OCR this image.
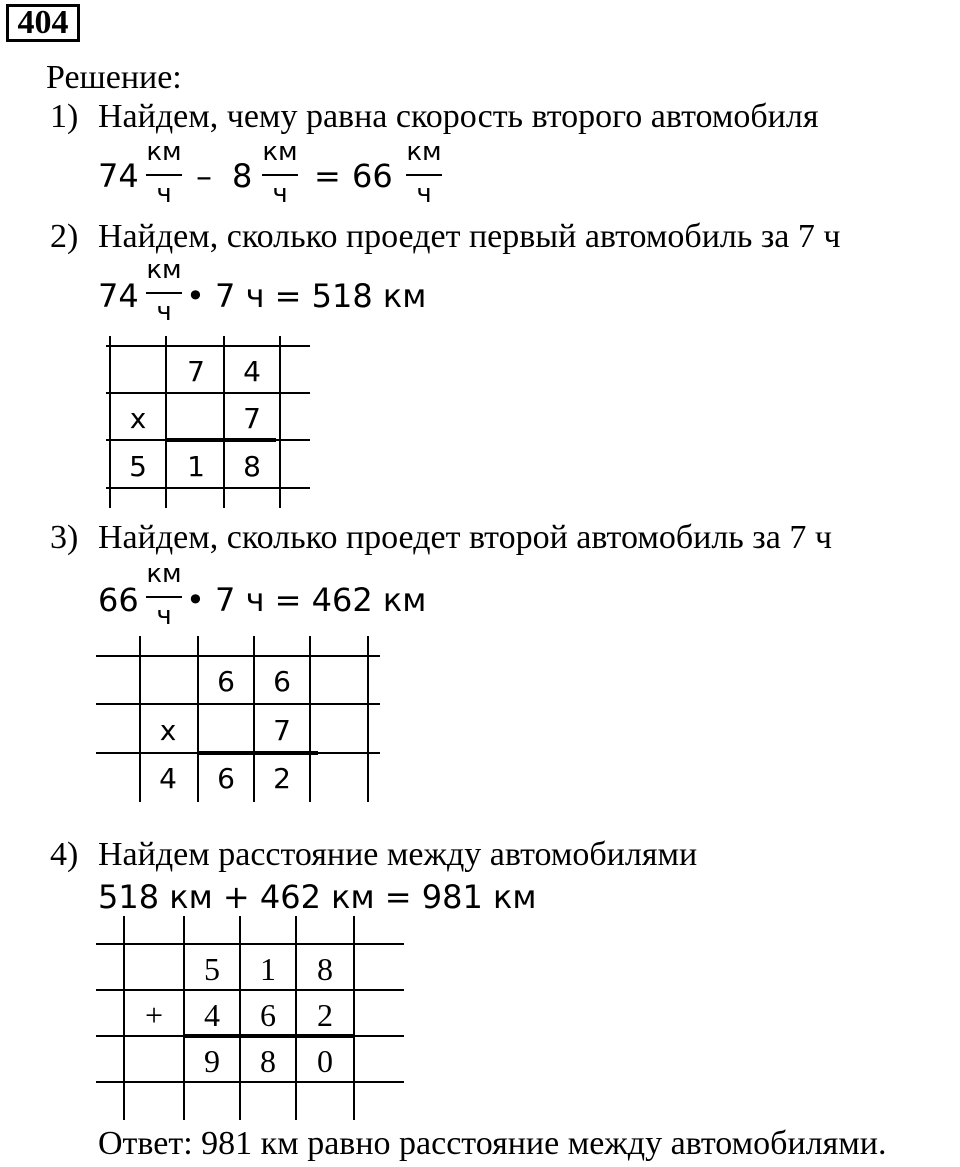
404
Решение:
1) Найдем, чему равна скорость второго автомобиля
74
км
ч – 8
км
ч = 66
км
ч
2) Найдем, сколько проедет первый автомобиль за 7 ч
74
км
ч • 7 ч = 518 км
7 4
x	7
5 1 8
3) Найдем, сколько проедет второй автомобиль за 7 ч
66
км
ч • 7 ч = 462 км
6 6
x	7
4 6 2
4) Найдем расстояние между автомобилями
518 км + 462 км = 981 км
5 1 8
+ 4 6 2
9 8 0
Ответ: 981 км равно расстояние между автомобилями.
